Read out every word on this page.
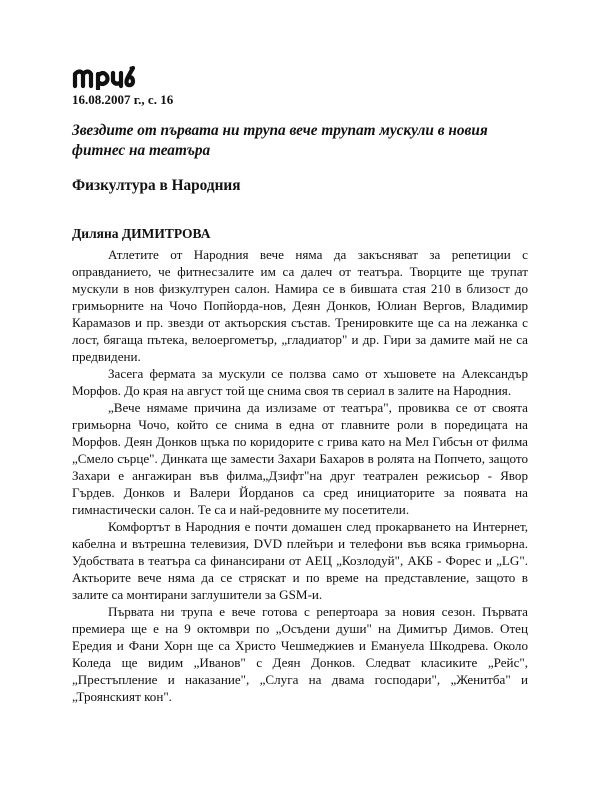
16.08.2007 г., с. 16
Звездите от първата ни трупа вече трупат мускули в новия фитнес на театъра
Физкултура в Народния
Диляна ДИМИТРОВА

Атлетите от Народния вече няма да закъсняват за репетиции с оправданието, че фитнесзалите им са далеч от театъра. Творците ще трупат мускули в нов физкултурен салон. Намира се в бившата стая 210 в близост до гримьорните на Чочо Попйорда-нов, Деян Донков, Юлиан Вергов, Владимир Карамазов и пр. звезди от актьорския състав. Тренировките ще са на лежанка с лост, бягаща пътека, велоергометър, „гладиатор" и др. Гири за дамите май не са предвидени.

Засега фермата за мускули се ползва само от хъшовете на Александър Морфов. До края на август той ще снима своя тв сериал в залите на Народния.

„Вече нямаме причина да излизаме от театъра", провиква се от своята гримьорна Чочо, който се снима в една от главните роли в поредицата на Морфов. Деян Донков щъка по коридорите с грива като на Мел Гибсън от филма „Смело сърце". Динката ще замести Захари Бахаров в ролята на Попчето, защото Захари е ангажиран във филма„Дзифт"на друг театрален режисьор - Явор Гърдев. Донков и Валери Йорданов са сред инициаторите за появата на гимнастически салон. Те са и най-редовните му посетители.

Комфортът в Народния е почти домашен след прокарването на Интернет, кабелна и вътрешна телевизия, DVD плейъри и телефони във всяка гримьорна. Удобствата в театъра са финансирани от АЕЦ „Козлодуй", АКБ - Форес и „LG". Актьорите вече няма да се стряскат и по време на представление, защото в залите са монтирани заглушители за GSM-и.

Първата ни трупа е вече готова с репертоара за новия сезон. Първата премиера ще е на 9 октомври по „Осъдени души" на Димитър Димов. Отец Ередия и Фани Хорн ще са Христо Чешмеджиев и Емануела Шкодрева. Около Коледа ще видим „Иванов" с Деян Донков. Следват класиките „Рейс", „Престъпление и наказание", „Слуга на двама господари", „Женитба" и „Троянският кон".
